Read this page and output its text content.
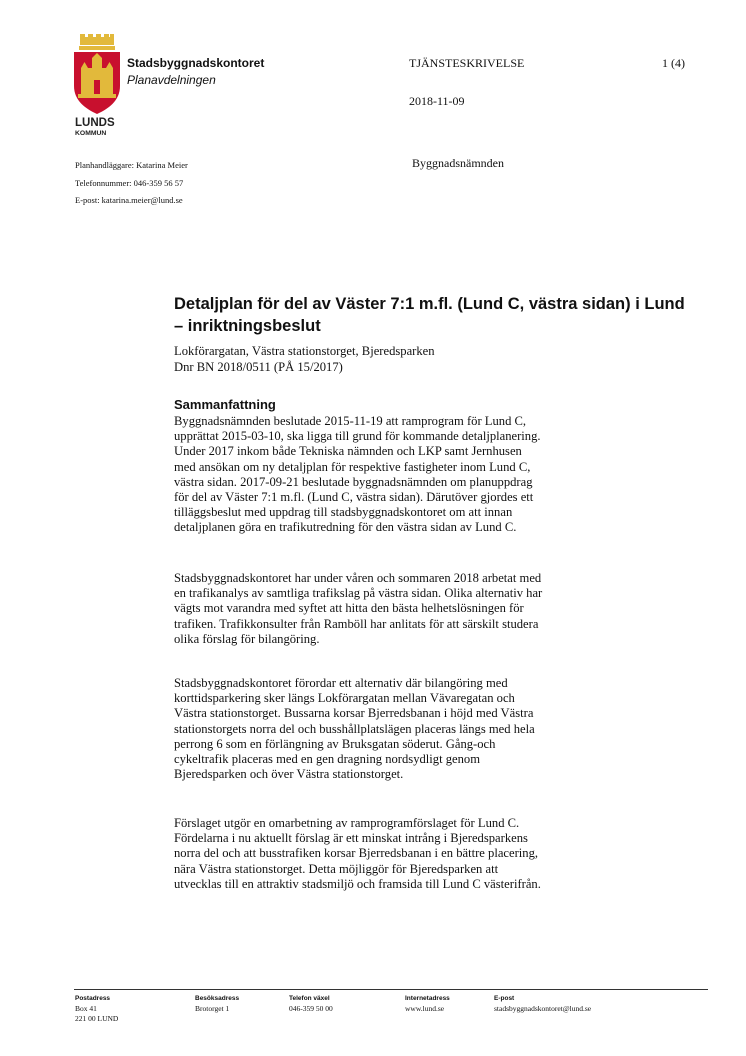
LUNDS
KOMMUN
Stadsbyggnadskontoret
Planavdelningen
TJÄNSTESKRIVELSE	1 (4)
2018-11-09
Byggnadsnämnden
Planhandläggare: Katarina Meier
Telefonnummer: 046-359 56 57
E-post: katarina.meier@lund.se
Detaljplan för del av Väster 7:1 m.fl. (Lund C, västra sidan) i Lund – inriktningsbeslut
Lokförargatan, Västra stationstorget, Bjeredsparken
Dnr BN 2018/0511 (PÅ 15/2017)
Sammanfattning
Byggnadsnämnden beslutade 2015-11-19 att ramprogram för Lund C,
upprättat 2015-03-10, ska ligga till grund för kommande detaljplanering.
Under 2017 inkom både Tekniska nämnden och LKP samt Jernhusen
med ansökan om ny detaljplan för respektive fastigheter inom Lund C,
västra sidan. 2017-09-21 beslutade byggnadsnämnden om planuppdrag
för del av Väster 7:1 m.fl. (Lund C, västra sidan). Därutöver gjordes ett
tilläggsbeslut med uppdrag till stadsbyggnadskontoret om att innan
detaljplanen göra en trafikutredning för den västra sidan av Lund C.
Stadsbyggnadskontoret har under våren och sommaren 2018 arbetat med
en trafikanalys av samtliga trafikslag på västra sidan. Olika alternativ har
vägts mot varandra med syftet att hitta den bästa helhetslösningen för
trafiken. Trafikkonsulter från Ramböll har anlitats för att särskilt studera
olika förslag för bilangöring.
Stadsbyggnadskontoret förordar ett alternativ där bilangöring med
korttidsparkering sker längs Lokförargatan mellan Vävaregatan och
Västra stationstorget. Bussarna korsar Bjerredsbanan i höjd med Västra
stationstorgets norra del och busshållplatslägen placeras längs med hela
perrong 6 som en förlängning av Bruksgatan söderut. Gång-och
cykeltrafik placeras med en gen dragning nordsydligt genom
Bjeredsparken och över Västra stationstorget.
Förslaget utgör en omarbetning av ramprogramförslaget för Lund C.
Fördelarna i nu aktuellt förslag är ett minskat intrång i Bjeredsparkens
norra del och att busstrafiken korsar Bjerredsbanan i en bättre placering,
nära Västra stationstorget. Detta möjliggör för Bjeredsparken att
utvecklas till en attraktiv stadsmiljö och framsida till Lund C västerifrån.
Postadress
Box 41
221 00 LUND
Besöksadress
Brotorget 1
Telefon växel
046-359 50 00
Internetadress
www.lund.se
E-post
stadsbyggnadskontoret@lund.se
